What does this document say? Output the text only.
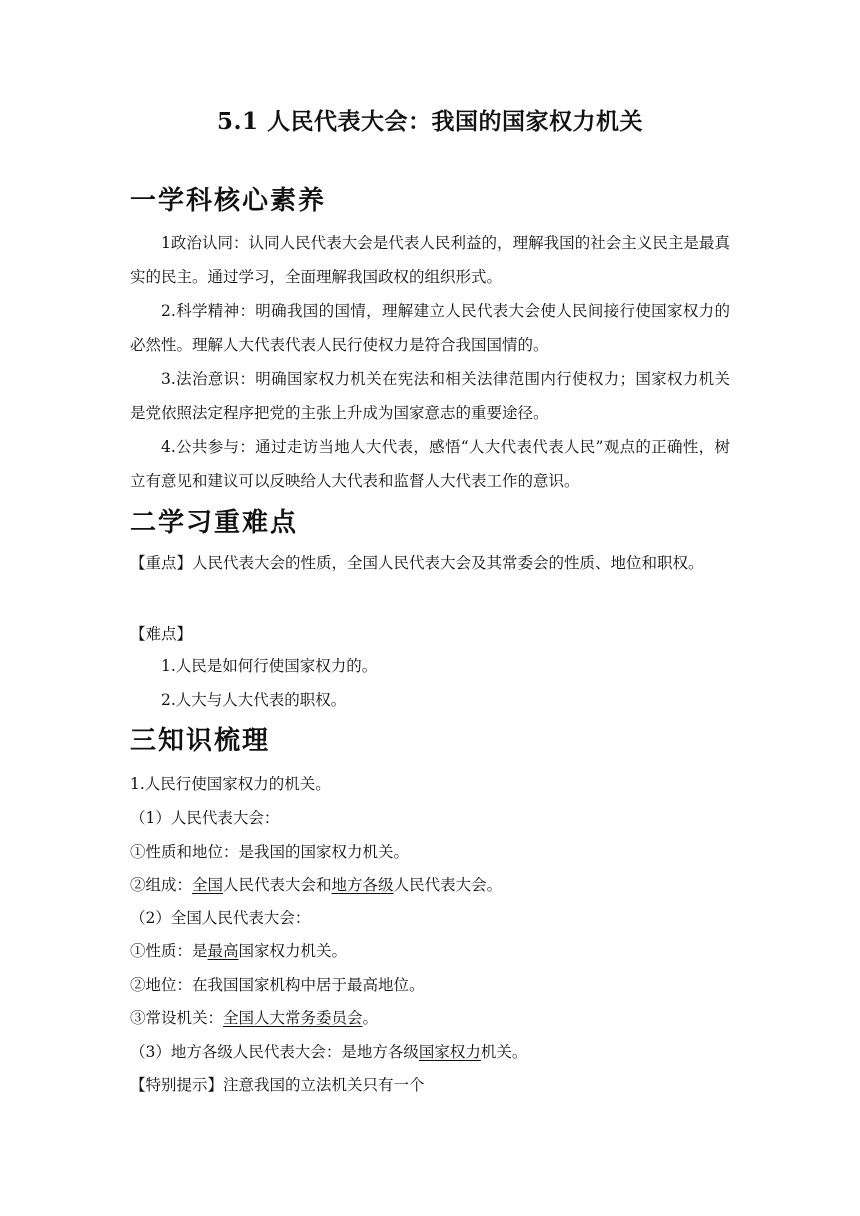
5.1 人民代表大会：我国的国家权力机关
一学科核心素养
1政治认同：认同人民代表大会是代表人民利益的，理解我国的社会主义民主是最真实的民主。通过学习，全面理解我国政权的组织形式。
2.科学精神：明确我国的国情，理解建立人民代表大会使人民间接行使国家权力的必然性。理解人大代表代表人民行使权力是符合我国国情的。
3.法治意识：明确国家权力机关在宪法和相关法律范围内行使权力；国家权力机关是党依照法定程序把党的主张上升成为国家意志的重要途径。
4.公共参与：通过走访当地人大代表，感悟“人大代表代表人民”观点的正确性，树立有意见和建议可以反映给人大代表和监督人大代表工作的意识。
二学习重难点
【重点】人民代表大会的性质，全国人民代表大会及其常委会的性质、地位和职权。
【难点】
1.人民是如何行使国家权力的。
2.人大与人大代表的职权。
三知识梳理
1.人民行使国家权力的机关。
（1）人民代表大会：
①性质和地位：是我国的国家权力机关。
②组成：全国人民代表大会和地方各级人民代表大会。
（2）全国人民代表大会：
①性质：是最高国家权力机关。
②地位：在我国国家机构中居于最高地位。
③常设机关：全国人大常务委员会。
（3）地方各级人民代表大会：是地方各级国家权力机关。
【特别提示】注意我国的立法机关只有一个
